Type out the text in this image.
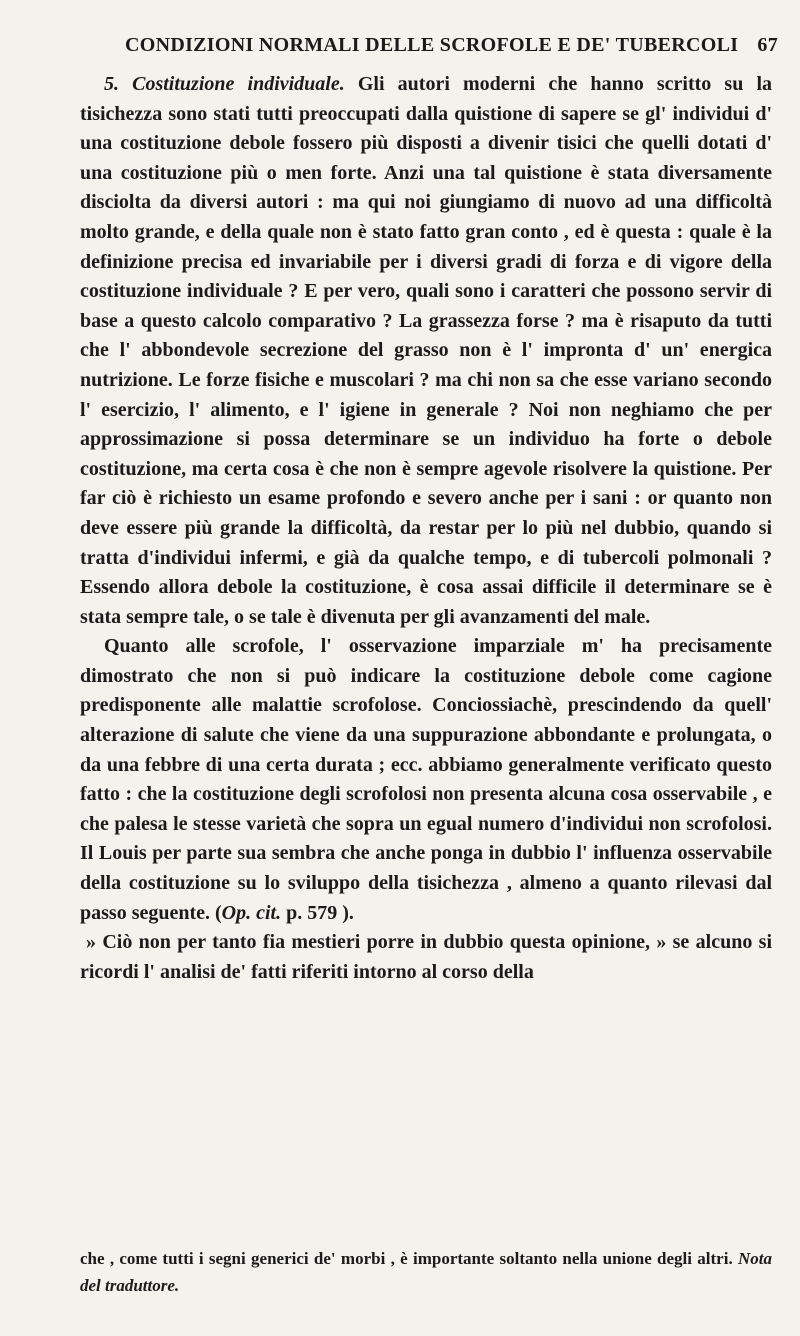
CONDIZIONI NORMALI DELLE SCROFOLE E DE' TUBERCOLI 67

5. Costituzione individuale. Gli autori moderni che hanno scritto su la tisichezza sono stati tutti preoccupati dalla quistione di sapere se gl' individui d' una costituzione debole fossero più disposti a divenir tisici che quelli dotati d' una costituzione più o men forte. Anzi una tal quistione è stata diversamente disciolta da diversi autori : ma qui noi giungiamo di nuovo ad una difficoltà molto grande, e della quale non è stato fatto gran conto , ed è questa : quale è la definizione precisa ed invariabile per i diversi gradi di forza e di vigore della costituzione individuale ? E per vero, quali sono i caratteri che possono servir di base a questo calcolo comparativo ? La grassezza forse ? ma è risaputo da tutti che l' abbondevole secrezione del grasso non è l' impronta d' un' energica nutrizione. Le forze fisiche e muscolari ? ma chi non sa che esse variano secondo l' esercizio, l' alimento, e l' igiene in generale ? Noi non neghiamo che per approssimazione si possa determinare se un individuo ha forte o debole costituzione, ma certa cosa è che non è sempre agevole risolvere la quistione. Per far ciò è richiesto un esame profondo e severo anche per i sani : or quanto non deve essere più grande la difficoltà, da restar per lo più nel dubbio, quando si tratta d'individui infermi, e già da qualche tempo, e di tubercoli polmonali ? Essendo allora debole la costituzione, è cosa assai difficile il determinare se è stata sempre tale, o se tale è divenuta per gli avanzamenti del male.

Quanto alle scrofole, l' osservazione imparziale m' ha precisamente dimostrato che non si può indicare la costituzione debole come cagione predisponente alle malattie scrofolose. Conciossiachè, prescindendo da quell' alterazione di salute che viene da una suppurazione abbondante e prolungata, o da una febbre di una certa durata ; ecc. abbiamo generalmente verificato questo fatto : che la costituzione degli scrofolosi non presenta alcuna cosa osservabile , e che palesa le stesse varietà che sopra un egual numero d'individui non scrofolosi. Il Louis per parte sua sembra che anche ponga in dubbio l' influenza osservabile della costituzione su lo sviluppo della tisichezza , almeno a quanto rilevasi dal passo seguente. (Op. cit. p. 579 ).

» Ciò non per tanto fia mestieri porre in dubbio questa opinione, » se alcuno si ricordi l' analisi de' fatti riferiti intorno al corso della

che , come tutti i segni generici de' morbi , è importante soltanto nella unione degli altri. Nota del traduttore.
